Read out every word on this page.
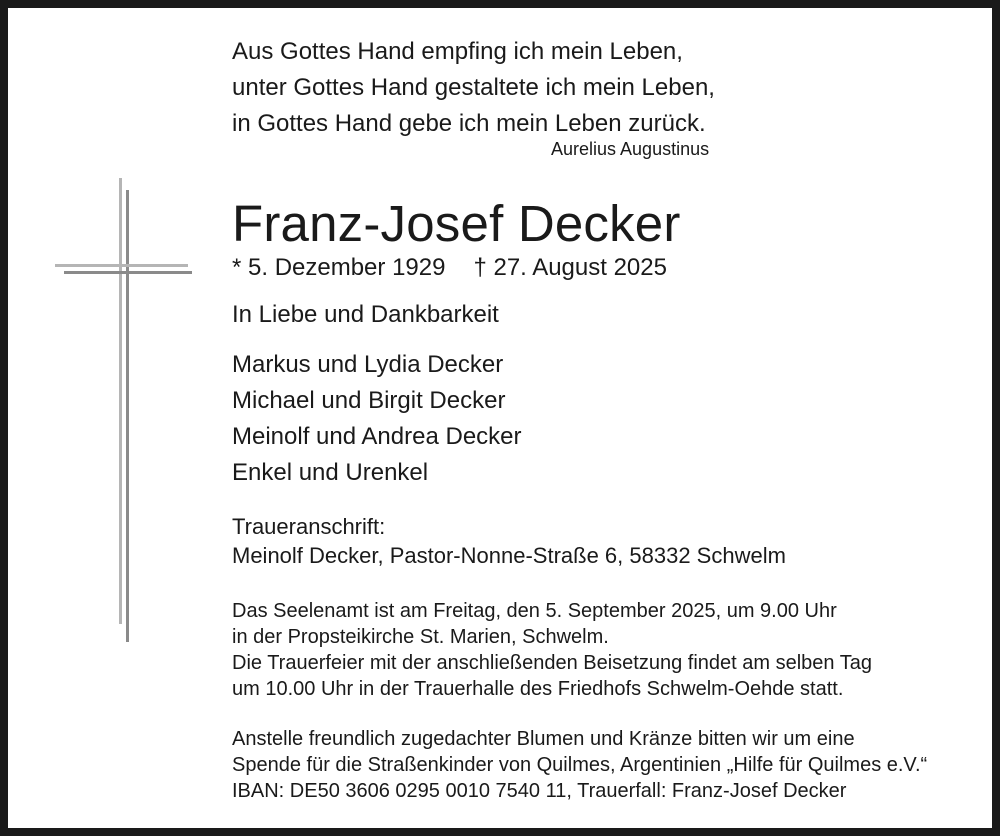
Aus Gottes Hand empfing ich mein Leben,
unter Gottes Hand gestaltete ich mein Leben,
in Gottes Hand gebe ich mein Leben zurück.
Aurelius Augustinus
Franz-Josef Decker
* 5. Dezember 1929 † 27. August 2025
In Liebe und Dankbarkeit
Markus und Lydia Decker
Michael und Birgit Decker
Meinolf und Andrea Decker
Enkel und Urenkel
Traueranschrift:
Meinolf Decker, Pastor-Nonne-Straße 6, 58332 Schwelm
Das Seelenamt ist am Freitag, den 5. September 2025, um 9.00 Uhr
in der Propsteikirche St. Marien, Schwelm.
Die Trauerfeier mit der anschließenden Beisetzung findet am selben Tag
um 10.00 Uhr in der Trauerhalle des Friedhofs Schwelm-Oehde statt.
Anstelle freundlich zugedachter Blumen und Kränze bitten wir um eine
Spende für die Straßenkinder von Quilmes, Argentinien „Hilfe für Quilmes e.V.“
IBAN: DE50 3606 0295 0010 7540 11, Trauerfall: Franz-Josef Decker
